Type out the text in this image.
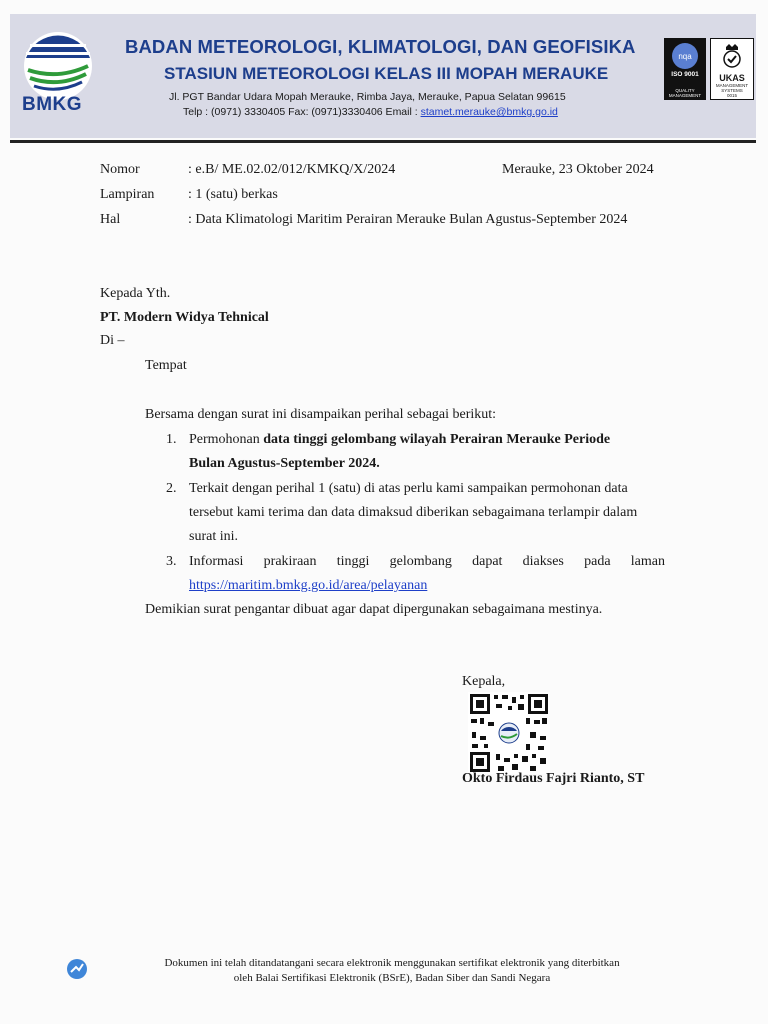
BMKG
BADAN METEOROLOGI, KLIMATOLOGI, DAN GEOFISIKA
STASIUN METEOROLOGI KELAS III MOPAH MERAUKE
Jl. PGT Bandar Udara Mopah Merauke, Rimba Jaya, Merauke, Papua Selatan 99615
Telp : (0971) 3330405 Fax: (0971)3330406 Email : stamet.merauke@bmkg.go.id
nqa
ISO 9001
QUALITY MANAGEMENT
UKAS
MANAGEMENT SYSTEMS
0015
Nomor	: e.B/ ME.02.02/012/KMKQ/X/2024	Merauke, 23 Oktober 2024
Lampiran : 1 (satu) berkas
Hal	: Data Klimatologi Maritim Perairan Merauke Bulan Agustus-September 2024
Kepada Yth.
PT. Modern Widya Tehnical
Di –
Tempat
Bersama dengan surat ini disampaikan perihal sebagai berikut:
1. Permohonan data tinggi gelombang wilayah Perairan Merauke Periode
Bulan Agustus-September 2024.
2. Terkait dengan perihal 1 (satu) di atas perlu kami sampaikan permohonan data
tersebut kami terima dan data dimaksud diberikan sebagaimana terlampir dalam
surat ini.
3. Informasi prakiraan tinggi gelombang dapat diakses pada laman
https://maritim.bmkg.go.id/area/pelayanan
Demikian surat pengantar dibuat agar dapat dipergunakan sebagaimana mestinya.
Kepala,
Okto Firdaus Fajri Rianto, ST
Dokumen ini telah ditandatangani secara elektronik menggunakan sertifikat elektronik yang diterbitkan
oleh Balai Sertifikasi Elektronik (BSrE), Badan Siber dan Sandi Negara
